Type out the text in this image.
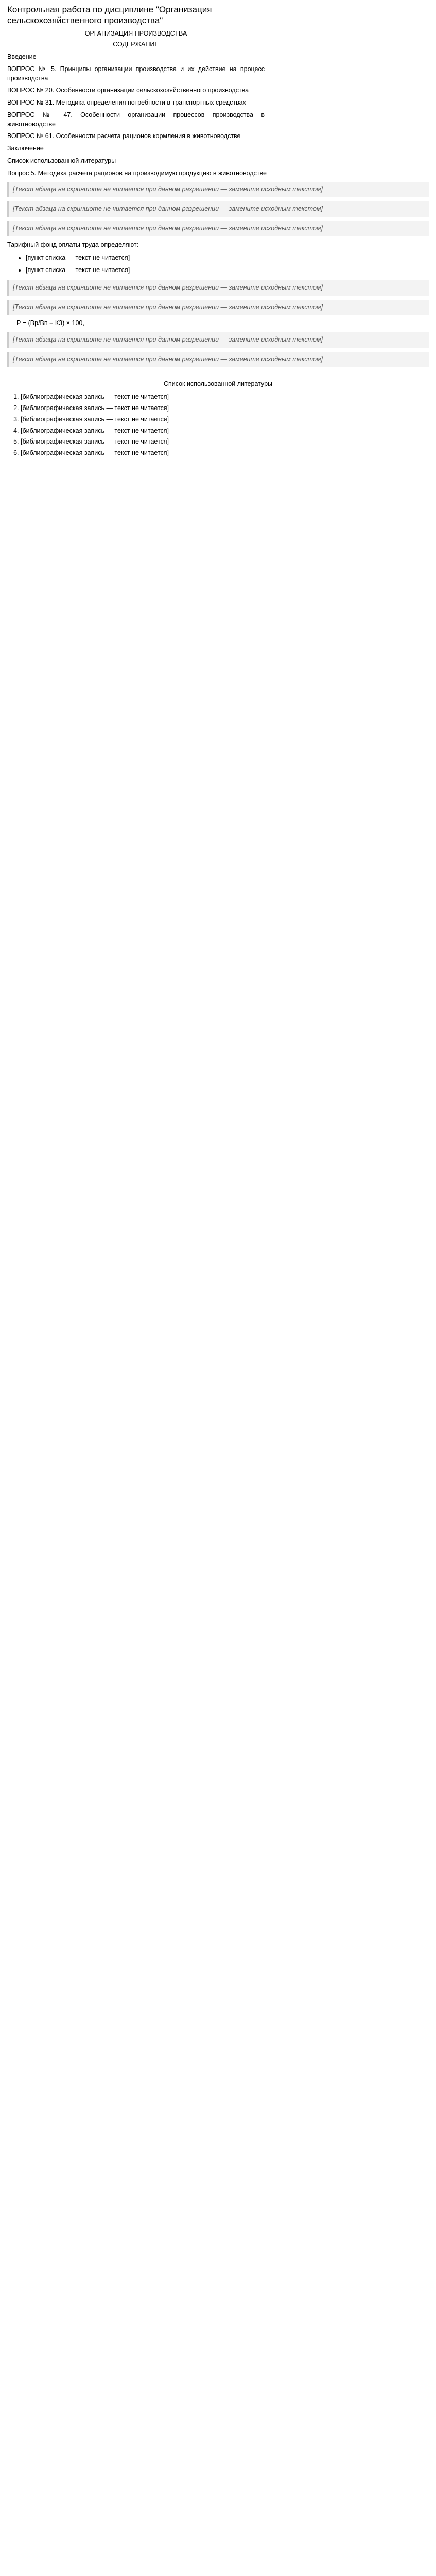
Контрольная работа по дисциплине "Организация сельскохозяйственного производства"
ОРГАНИЗАЦИЯ ПРОИЗВОДСТВА
СОДЕРЖАНИЕ

Введение

ВОПРОС № 5. Принципы организации производства и их действие на процесс производства

ВОПРОС № 20. Особенности организации сельскохозяйственного производства

ВОПРОС № 31. Методика определения потребности в транспортных средствах

ВОПРОС № 47. Особенности организации процессов производства в животноводстве

ВОПРОС № 61. Особенности расчета рационов кормления в животноводстве

Заключение

Список использованной литературы

Вопрос 5. Методика расчета рационов на производимую продукцию в животноводстве

[Текст абзаца на скриншоте не читается при данном разрешении — замените исходным текстом]

[Текст абзаца на скриншоте не читается при данном разрешении — замените исходным текстом]

[Текст абзаца на скриншоте не читается при данном разрешении — замените исходным текстом]

Тарифный фонд оплаты труда определяют:

• [пункт списка — текст не читается]
• [пункт списка — текст не читается]

[Текст абзаца на скриншоте не читается при данном разрешении — замените исходным текстом]

[Текст абзаца на скриншоте не читается при данном разрешении — замените исходным текстом]

Р = (Вр/Вп − К3) × 100,

[Текст абзаца на скриншоте не читается при данном разрешении — замените исходным текстом]

[Текст абзаца на скриншоте не читается при данном разрешении — замените исходным текстом]

Список использованной литературы
1. [библиографическая запись — текст не читается]
2. [библиографическая запись — текст не читается]
3. [библиографическая запись — текст не читается]
4. [библиографическая запись — текст не читается]
5. [библиографическая запись — текст не читается]
6. [библиографическая запись — текст не читается]
